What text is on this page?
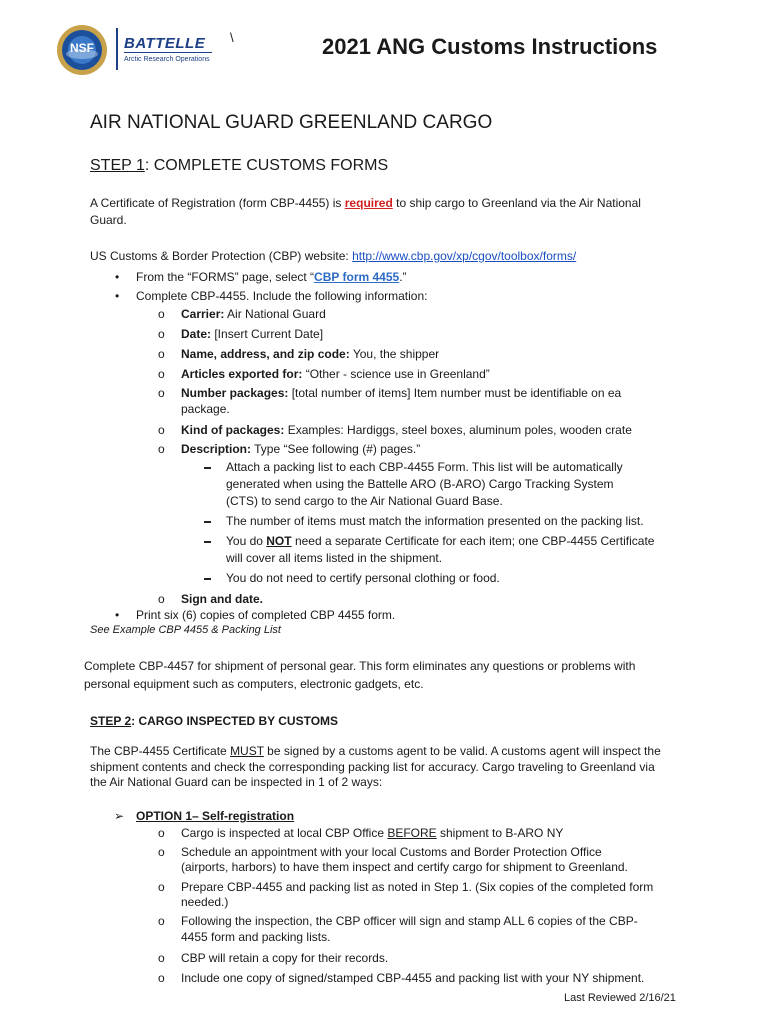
NSF	BATTELLE
Arctic Research Operations
\	2021 ANG Customs Instructions
AIR NATIONAL GUARD GREENLAND CARGO
STEP 1: COMPLETE CUSTOMS FORMS
A Certificate of Registration (form CBP-4455) is required to ship cargo to Greenland via the Air National
Guard.
US Customs & Border Protection (CBP) website: http://www.cbp.gov/xp/cgov/toolbox/forms/
• From the “FORMS” page, select “CBP form 4455.”
• Complete CBP-4455. Include the following information:
o Carrier: Air National Guard
o Date: [Insert Current Date]
o Name, address, and zip code: You, the shipper
o Articles exported for: “Other - science use in Greenland”
o Number packages: [total number of items] Item number must be identifiable on ea
package.
o Kind of packages: Examples: Hardiggs, steel boxes, aluminum poles, wooden crate
o Description: Type “See following (#) pages.”
Attach a packing list to each CBP-4455 Form. This list will be automatically
generated when using the Battelle ARO (B-ARO) Cargo Tracking System
(CTS) to send cargo to the Air National Guard Base.
The number of items must match the information presented on the packing list.
You do NOT need a separate Certificate for each item; one CBP-4455 Certificate
will cover all items listed in the shipment.
You do not need to certify personal clothing or food.
o Sign and date.
• Print six (6) copies of completed CBP 4455 form.
See Example CBP 4455 & Packing List
Complete CBP-4457 for shipment of personal gear. This form eliminates any questions or problems with
personal equipment such as computers, electronic gadgets, etc.
STEP 2: CARGO INSPECTED BY CUSTOMS
The CBP-4455 Certificate MUST be signed by a customs agent to be valid. A customs agent will inspect the
shipment contents and check the corresponding packing list for accuracy. Cargo traveling to Greenland via
the Air National Guard can be inspected in 1 of 2 ways:
➢ OPTION 1– Self-registration
o Cargo is inspected at local CBP Office BEFORE shipment to B-ARO NY
o Schedule an appointment with your local Customs and Border Protection Office
(airports, harbors) to have them inspect and certify cargo for shipment to Greenland.
o Prepare CBP-4455 and packing list as noted in Step 1. (Six copies of the completed form
needed.)
o Following the inspection, the CBP officer will sign and stamp ALL 6 copies of the CBP-
4455 form and packing lists.
o CBP will retain a copy for their records.
o Include one copy of signed/stamped CBP-4455 and packing list with your NY shipment.
Last Reviewed 2/16/21
